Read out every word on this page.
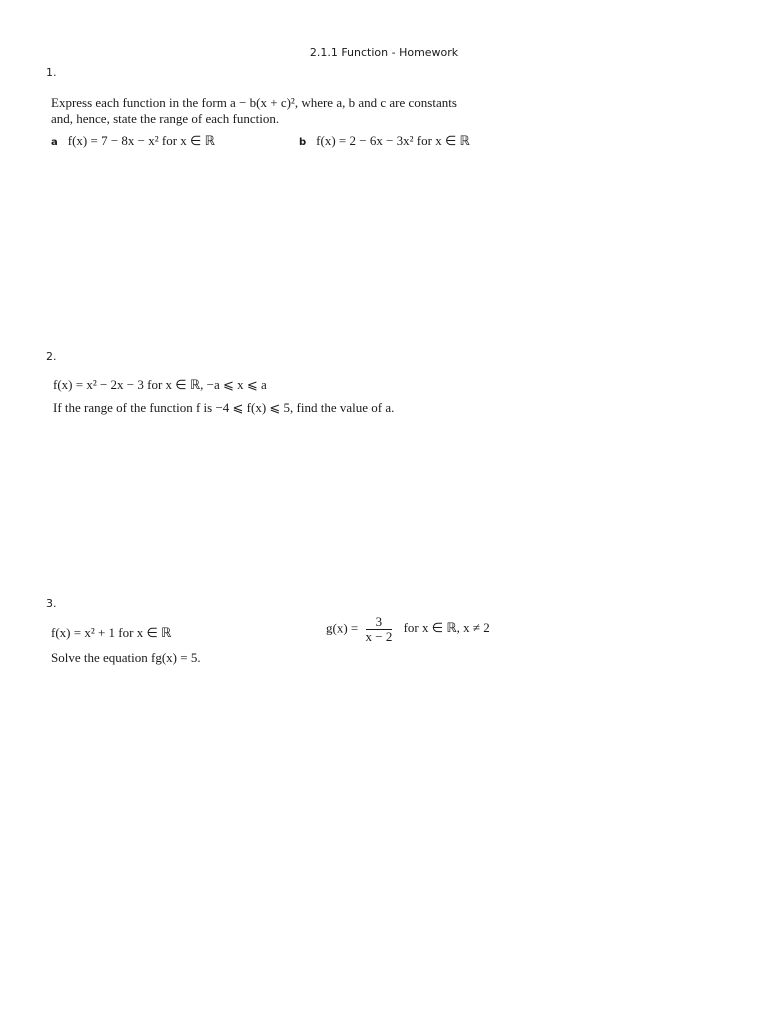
2.1.1 Function - Homework
1.
Express each function in the form a − b(x + c)², where a, b and c are constants
and, hence, state the range of each function.
a f(x) = 7 − 8x − x² for x ∈ ℝ	b f(x) = 2 − 6x − 3x² for x ∈ ℝ
2.
f(x) = x² − 2x − 3 for x ∈ ℝ, −a ⩽ x ⩽ a
If the range of the function f is −4 ⩽ f(x) ⩽ 5, find the value of a.
3.
f(x) = x² + 1 for x ∈ ℝ	$g(x) = \frac{3}{x - 2}$ for x ∈ ℝ, x ≠ 2
Solve the equation fg(x) = 5.
